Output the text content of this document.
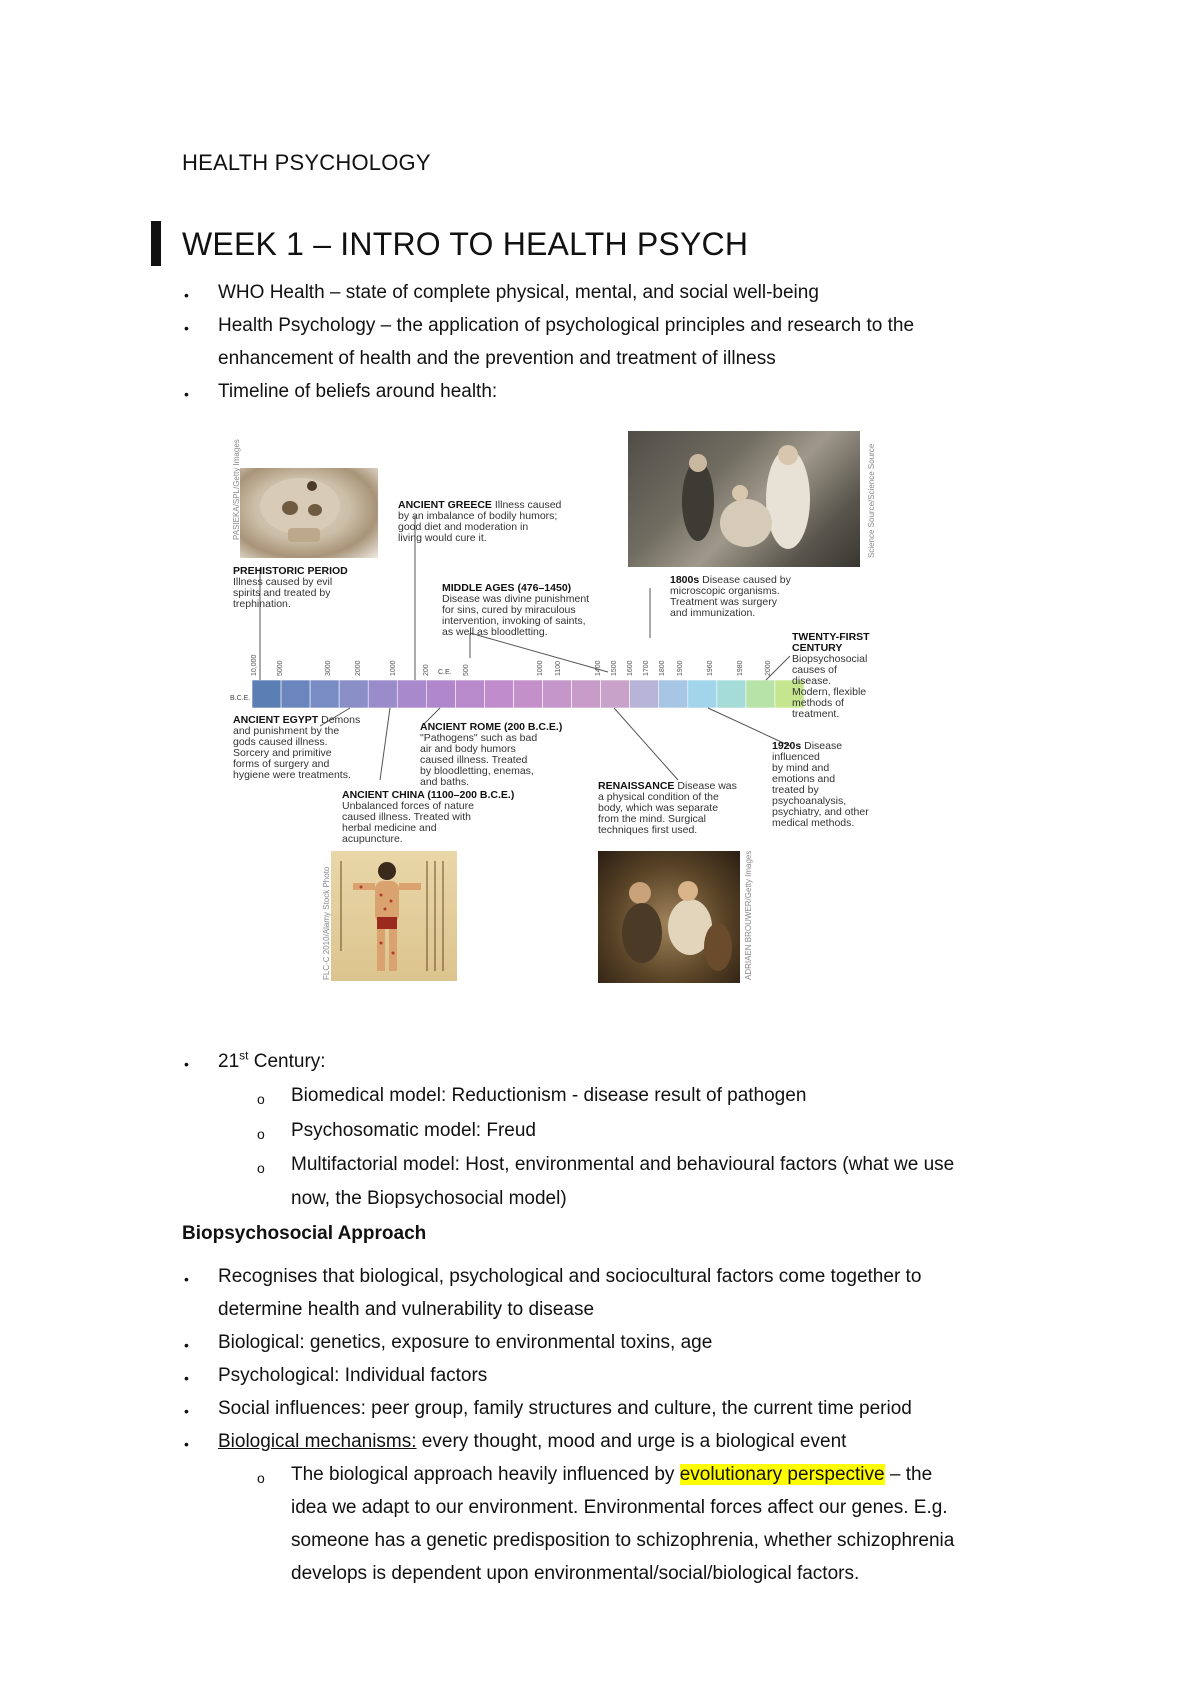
HEALTH PSYCHOLOGY
WEEK 1 – INTRO TO HEALTH PSYCH
• WHO Health – state of complete physical, mental, and social well-being
• Health Psychology – the application of psychological principles and research to the
enhancement of health and the prevention and treatment of illness
• Timeline of beliefs around health:
PASIEKA/SPL/Getty Images	Science Source/Science Source
FLC-C 2010/Alamy Stock Photo	ADRIAEN BROUWER/Getty Images
B.C.E.
C.E.
10,000	5000	3000	2000	1000	200	500	1000 1100	1400 1500 1600 1700 1800 1900	1960	1980	2000
PREHISTORIC PERIOD
Illness caused by evil
spirits and treated by
trephination.
ANCIENT GREECE Illness caused
by an imbalance of bodily humors;
good diet and moderation in
living would cure it.
MIDDLE AGES (476–1450)
Disease was divine punishment
for sins, cured by miraculous
intervention, invoking of saints,
as well as bloodletting.
1800s Disease caused by
microscopic organisms.
Treatment was surgery
and immunization.
TWENTY-FIRST CENTURY
Biopsychosocial causes of
disease. Modern, flexible
methods of treatment.
ANCIENT EGYPT Demons
and punishment by the
gods caused illness.
Sorcery and primitive
forms of surgery and
hygiene were treatments.
ANCIENT ROME (200 B.C.E.)
"Pathogens" such as bad
air and body humors
caused illness. Treated
by bloodletting, enemas,
and baths.
ANCIENT CHINA (1100–200 B.C.E.)
Unbalanced forces of nature
caused illness. Treated with
herbal medicine and
acupuncture.
RENAISSANCE Disease was
a physical condition of the
body, which was separate
from the mind. Surgical
techniques first used.
1920s Disease influenced
by mind and emotions and
treated by psychoanalysis,
psychiatry, and other
medical methods.
• 21st Century:
o Biomedical model: Reductionism - disease result of pathogen
o Psychosomatic model: Freud
o Multifactorial model: Host, environmental and behavioural factors (what we use
now, the Biopsychosocial model)
Biopsychosocial Approach
• Recognises that biological, psychological and sociocultural factors come together to
determine health and vulnerability to disease
• Biological: genetics, exposure to environmental toxins, age
• Psychological: Individual factors
• Social influences: peer group, family structures and culture, the current time period
• Biological mechanisms: every thought, mood and urge is a biological event
o The biological approach heavily influenced by evolutionary perspective – the
idea we adapt to our environment. Environmental forces affect our genes. E.g.
someone has a genetic predisposition to schizophrenia, whether schizophrenia
develops is dependent upon environmental/social/biological factors.
